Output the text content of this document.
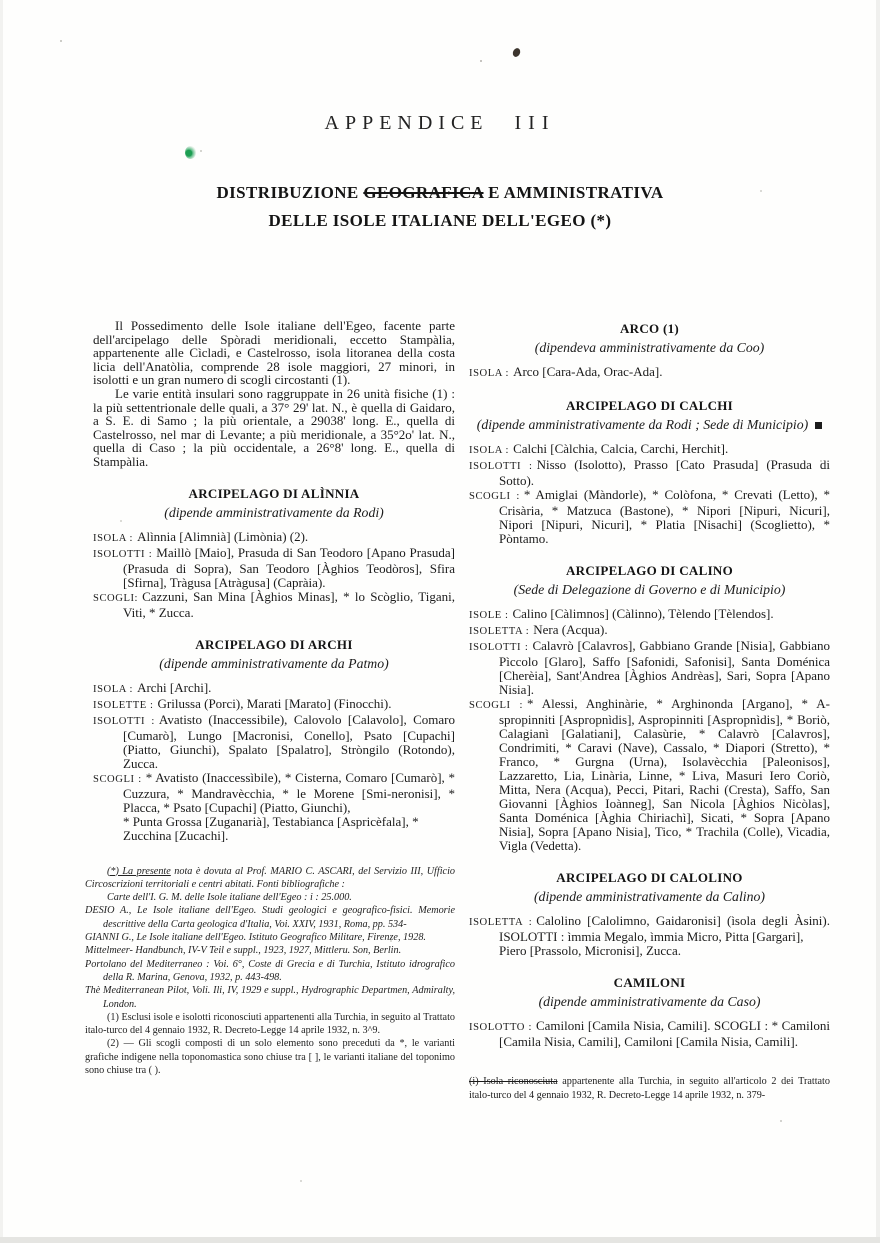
APPENDICE III
DISTRIBUZIONE GEOGRAFICA E AMMINISTRATIVA
DELLE ISOLE ITALIANE DELL'EGEO (*)

Il Possedimento delle Isole italiane dell'Egeo, facente parte dell'arcipelago delle Spòradi meridionali, eccetto Stampàlia, appartenente alle Cìcladi, e Castelrosso, isola litoranea della costa licia dell'Anatòlia, comprende 28 isole maggiori, 27 minori, in isolotti e un gran numero di scogli circostanti (1).

Le varie entità insulari sono raggruppate in 26 unità fisiche (1) : la più settentrionale delle quali, a 37° 29' lat. N., è quella di Gaidaro, a S. E. di Samo ; la più orientale, a 29038' long. E., quella di Castelrosso, nel mar di Levante; a più meridionale, a 35°2o' lat. N., quella di Caso ; la più occidentale, a 26°8' long. E., quella di Stampàlia.

ARCIPELAGO DI ALÌNNIA
(dipende amministrativamente da Rodi)

ISOLA : Alìnnia [Alimnià] (Limònia) (2).

ISOLOTTI : Maillò [Maio], Prasuda di San Teodoro [Apano Prasuda] (Prasuda di Sopra), San Teodoro [Àghios Teodòros], Sfira [Sfirna], Tràgusa [Atràgusa] (Capràia).

SCOGLI: Cazzuni, San Mina [Àghios Minas], * lo Scòglio, Tigani, Viti, * Zucca.

ARCIPELAGO DI ARCHI
(dipende amministrativamente da Patmo)

ISOLA : Archi [Archi].

ISOLETTE : Grilussa (Porci), Marati [Marato] (Finocchi).

ISOLOTTI : Avatisto (Inaccessibile), Calovolo [Calavolo], Comaro [Cumarò], Lungo [Macronisi, Conello], Psato [Cupachi] (Piatto, Giunchi), Spalato [Spalatro], Stròngilo (Rotondo), Zucca.

SCOGLI : * Avatisto (Inaccessìbile), * Cisterna, Comaro [Cumarò], * Cuzzura, * Mandravècchia, * le Morene [Smi-neronisi], * Placca, * Psato [Cupachi] (Piatto, Giunchi),

* Punta Grossa [Zuganarià], Testabianca [Aspricèfala], * Zucchina [Zucachi].

(*) La presente nota è dovuta al Prof. MARIO C. ASCARI, del Servizio III, Ufficio Circoscrizioni territoriali e centri abitati. Fonti bibliografiche :

Carte dell'I. G. M. delle Isole italiane dell'Egeo : i : 25.000.

DESIO A., Le Isole italiane dell'Egeo. Studi geologici e geografico-fisici. Memorie descrittive della Carta geologica d'Italia, Voi. XXIV, 1931, Roma, pp. 534-

GIANNI G., Le Isole italiane dell'Egeo. Istituto Geografico Militare, Firenze, 1928.

Mittelmeer- Handbunch, IV-V Teil e suppl., 1923, 1927, Mittleru. Son, Berlin.

Portolano del Mediterraneo : Voi. 6°, Coste di Grecia e di Turchia, Istituto idrografico della R. Marina, Genova, 1932, p. 443-498.

Thè Mediterranean Pilot, Voli. Ili, IV, 1929 e suppl., Hydrographic Departmen, Admiralty, London.

(1) Esclusi isole e isolotti riconosciuti appartenenti alla Turchia, in seguito al Trattato italo-turco del 4 gennaio 1932, R. Decreto-Legge 14 aprile 1932, n. 3^9.

(2) — Gli scogli composti di un solo elemento sono preceduti da *, le varianti grafiche indigene nella toponomastica sono chiuse tra [ ], le varianti italiane del toponimo sono chiuse tra ( ).

ARCO (1)
(dipendeva amministrativamente da Coo)

ISOLA : Arco [Cara-Ada, Orac-Ada].

ARCIPELAGO DI CALCHI
(dipende amministrativamente da Rodi ; Sede di Municipio)

ISOLA : Calchi [Càlchia, Calcia, Carchi, Herchit].

ISOLOTTI : Nisso (Isolotto), Prasso [Cato Prasuda] (Prasuda di Sotto).

SCOGLI : * Amiglai (Màndorle), * Colòfona, * Crevati (Letto), * Crisària, * Matzuca (Bastone), * Nipori [Nipuri, Nicuri], Nipori [Nipuri, Nicuri], * Platia [Nisachi] (Scoglietto), * Pòntamo.

ARCIPELAGO DI CALINO
(Sede di Delegazione di Governo e di Municipio)

ISOLE : Calino [Càlimnos] (Càlinno), Tèlendo [Tèlendos].

ISOLETTA : Nera (Acqua).

ISOLOTTI : Calavrò [Calavros], Gabbiano Grande [Nisia], Gabbiano Pìccolo [Glaro], Saffo [Safonidi, Safonisi], Santa Doménica [Cherèia], Sant'Andrea [Àghios Andrèas], Sari, Sopra [Apano Nisia].

SCOGLI : * Alessi, Anghinàrie, * Arghinonda [Argano], * A-spropinniti [Aspropnìdis], Aspropinniti [Aspropnìdis], * Boriò, Calagianì [Galatiani], Calasùrie, * Calavrò [Calavros], Condrimiti, * Caravi (Nave), Cassalo, * Diapori (Stretto), * Franco, * Gurgna (Urna), Isolavècchia [Paleonisos], Lazzaretto, Lia, Linària, Linne, * Liva, Masuri Iero Coriò, Mitta, Nera (Acqua), Pecci, Pitari, Rachi (Cresta), Saffo, San Giovanni [Àghios Ioànneg], San Nicola [Àghios Nicòlas], Santa Doménica [Àghia Chiriachì], Sicati, * Sopra [Apano Nisia], Sopra [Apano Nisia], Tico, * Trachila (Colle), Vicadia, Vigla (Vedetta).

ARCIPELAGO DI CALOLINO
(dipende amministrativamente da Calino)

ISOLETTA : Calolino [Calolimno, Gaidaronisi] (ìsola degli Àsini). ISOLOTTI : ìmmia Megalo, ìmmia Micro, Pitta [Gargari],

Piero [Prassolo, Micronisi], Zucca.

CAMILONI
(dipende amministrativamente da Caso)

ISOLOTTO : Camiloni [Camila Nisia, Camili]. SCOGLI : * Camiloni [Camila Nisia, Camili], Camiloni [Camila Nisia, Camili].

(i) Isola riconosciuta appartenente alla Turchia, in seguito all'articolo 2 dei Trattato italo-turco del 4 gennaio 1932, R. Decreto-Legge 14 aprile 1932, n. 379-
